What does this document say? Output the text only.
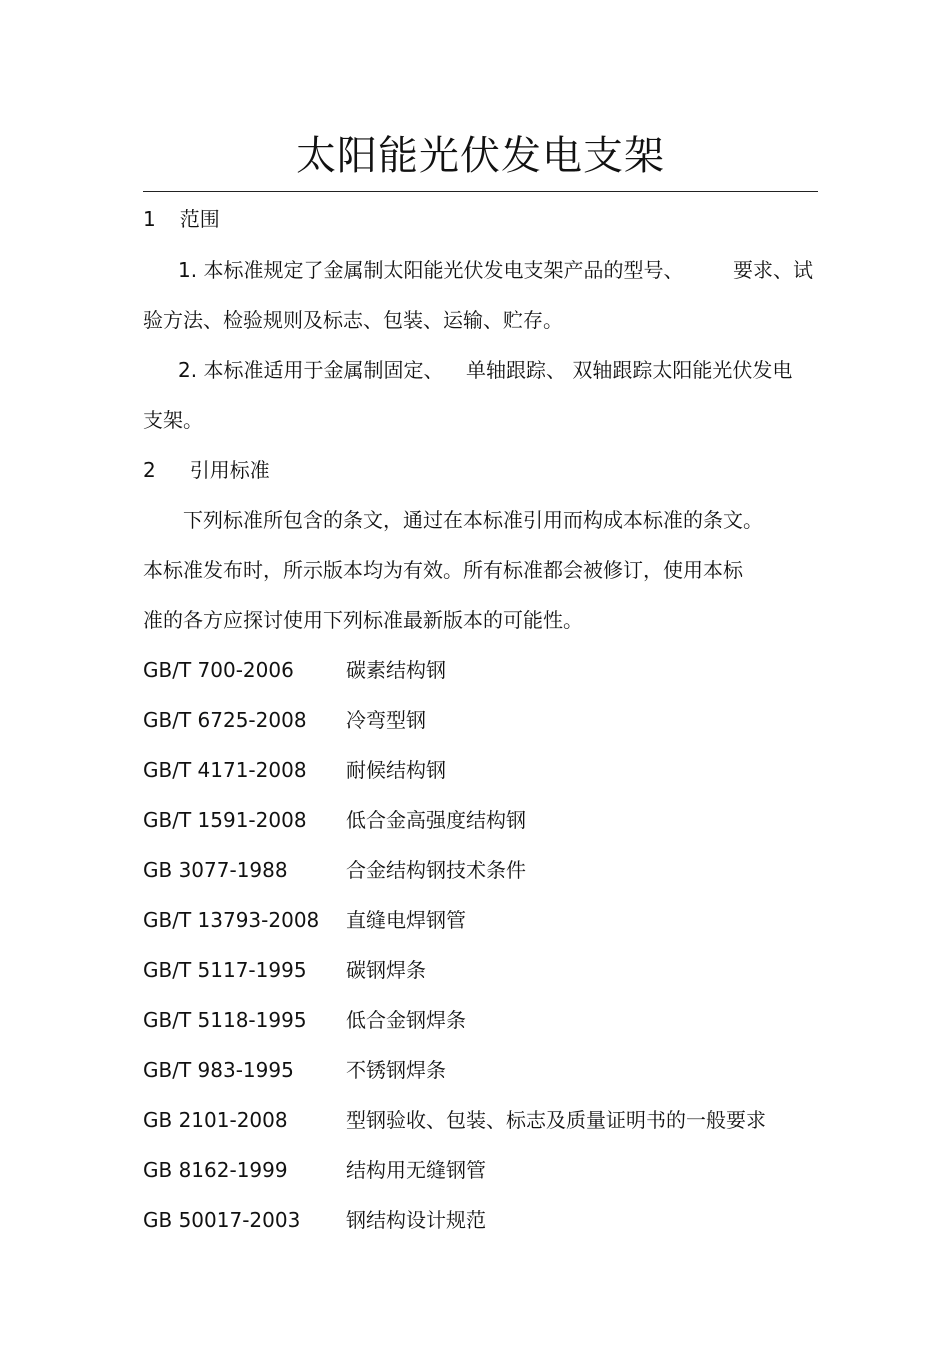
太阳能光伏发电支架
1 范围
1. 本标准规定了金属制太阳能光伏发电支架产品的型号、 要求、试
验方法、检验规则及标志、包装、运输、贮存。
2. 本标准适用于金属制固定、 单轴跟踪、 双轴跟踪太阳能光伏发电
支架。
2 引用标准
下列标准所包含的条文，通过在本标准引用而构成本标准的条文。
本标准发布时，所示版本均为有效。所有标准都会被修订，使用本标
准的各方应探讨使用下列标准最新版本的可能性。
GB/T 700-2006	碳素结构钢
GB/T 6725-2008 冷弯型钢
GB/T 4171-2008 耐候结构钢
GB/T 1591-2008 低合金高强度结构钢
GB 3077-1988	合金结构钢技术条件
GB/T 13793-2008 直缝电焊钢管
GB/T 5117-1995 碳钢焊条
GB/T 5118-1995 低合金钢焊条
GB/T 983-1995	不锈钢焊条
GB 2101-2008	型钢验收、包装、标志及质量证明书的一般要求
GB 8162-1999	结构用无缝钢管
GB 50017-2003 钢结构设计规范
